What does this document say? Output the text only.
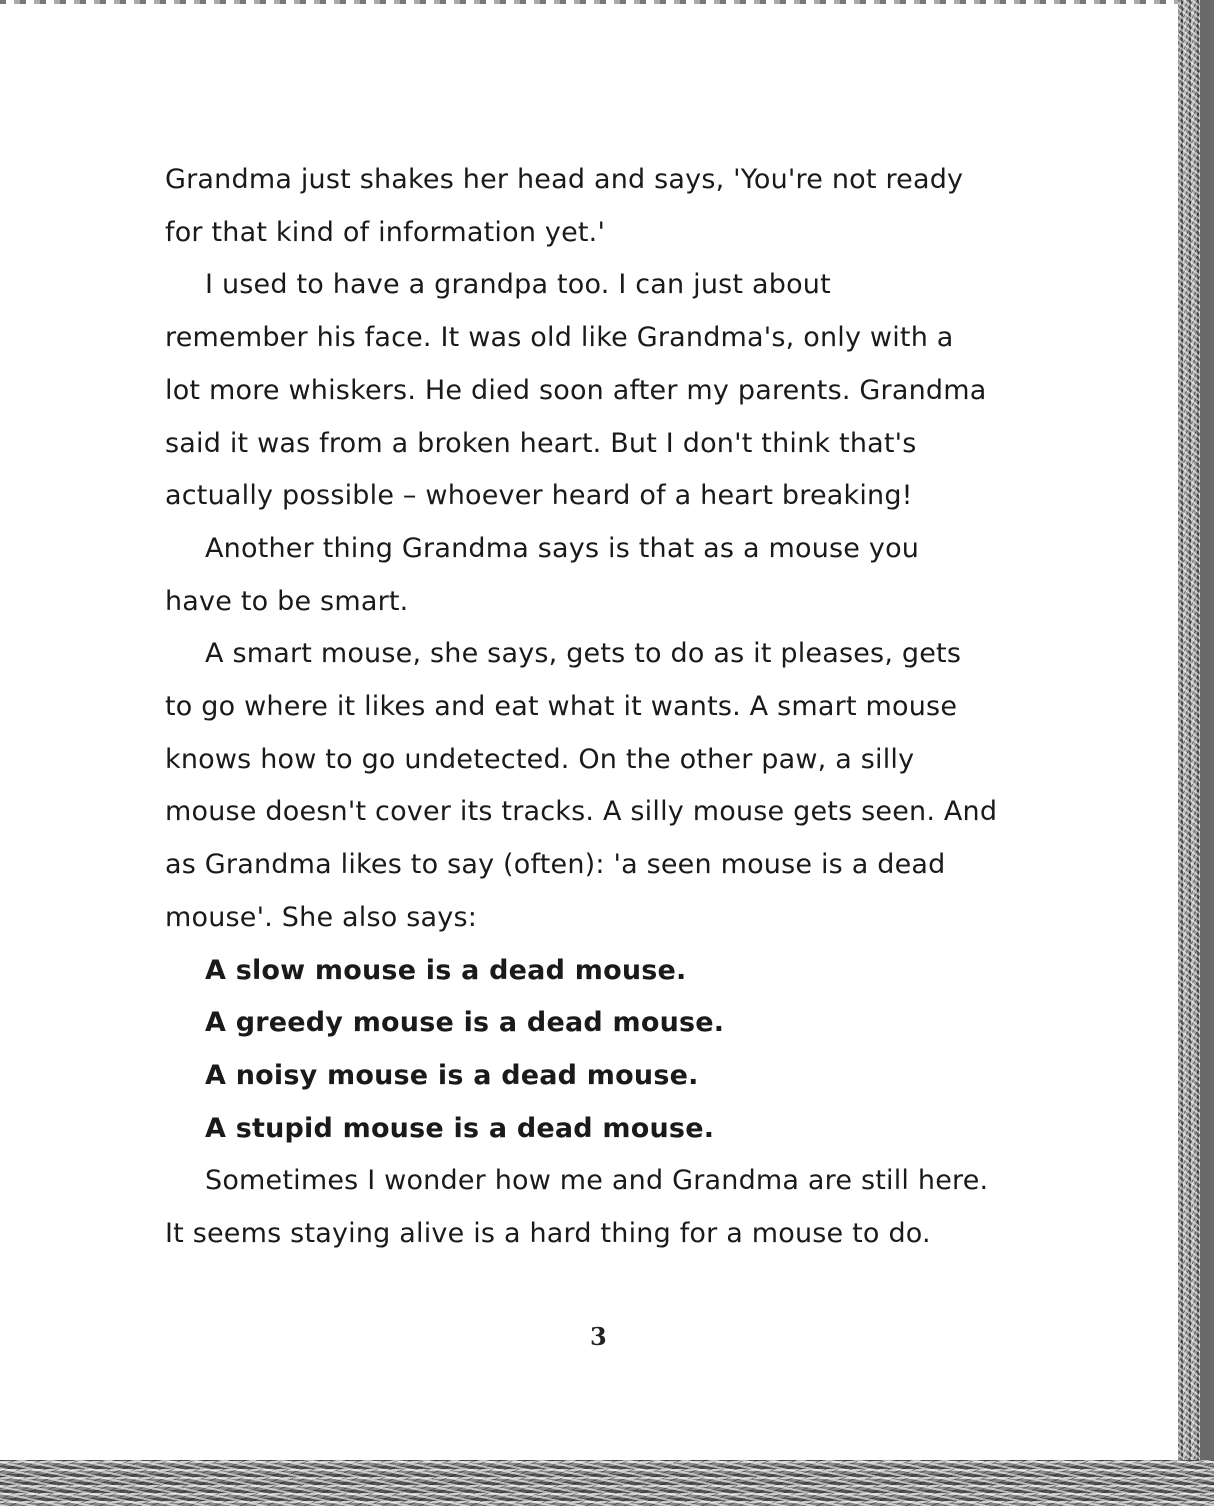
Grandma just shakes her head and says, 'You're not ready
for that kind of information yet.'
I used to have a grandpa too. I can just about
remember his face. It was old like Grandma's, only with a
lot more whiskers. He died soon after my parents. Grandma
said it was from a broken heart. But I don't think that's
actually possible – whoever heard of a heart breaking!
Another thing Grandma says is that as a mouse you
have to be smart.
A smart mouse, she says, gets to do as it pleases, gets
to go where it likes and eat what it wants. A smart mouse
knows how to go undetected. On the other paw, a silly
mouse doesn't cover its tracks. A silly mouse gets seen. And
as Grandma likes to say (often): 'a seen mouse is a dead
mouse'. She also says:
A slow mouse is a dead mouse.
A greedy mouse is a dead mouse.
A noisy mouse is a dead mouse.
A stupid mouse is a dead mouse.
Sometimes I wonder how me and Grandma are still here.
It seems staying alive is a hard thing for a mouse to do.
3
